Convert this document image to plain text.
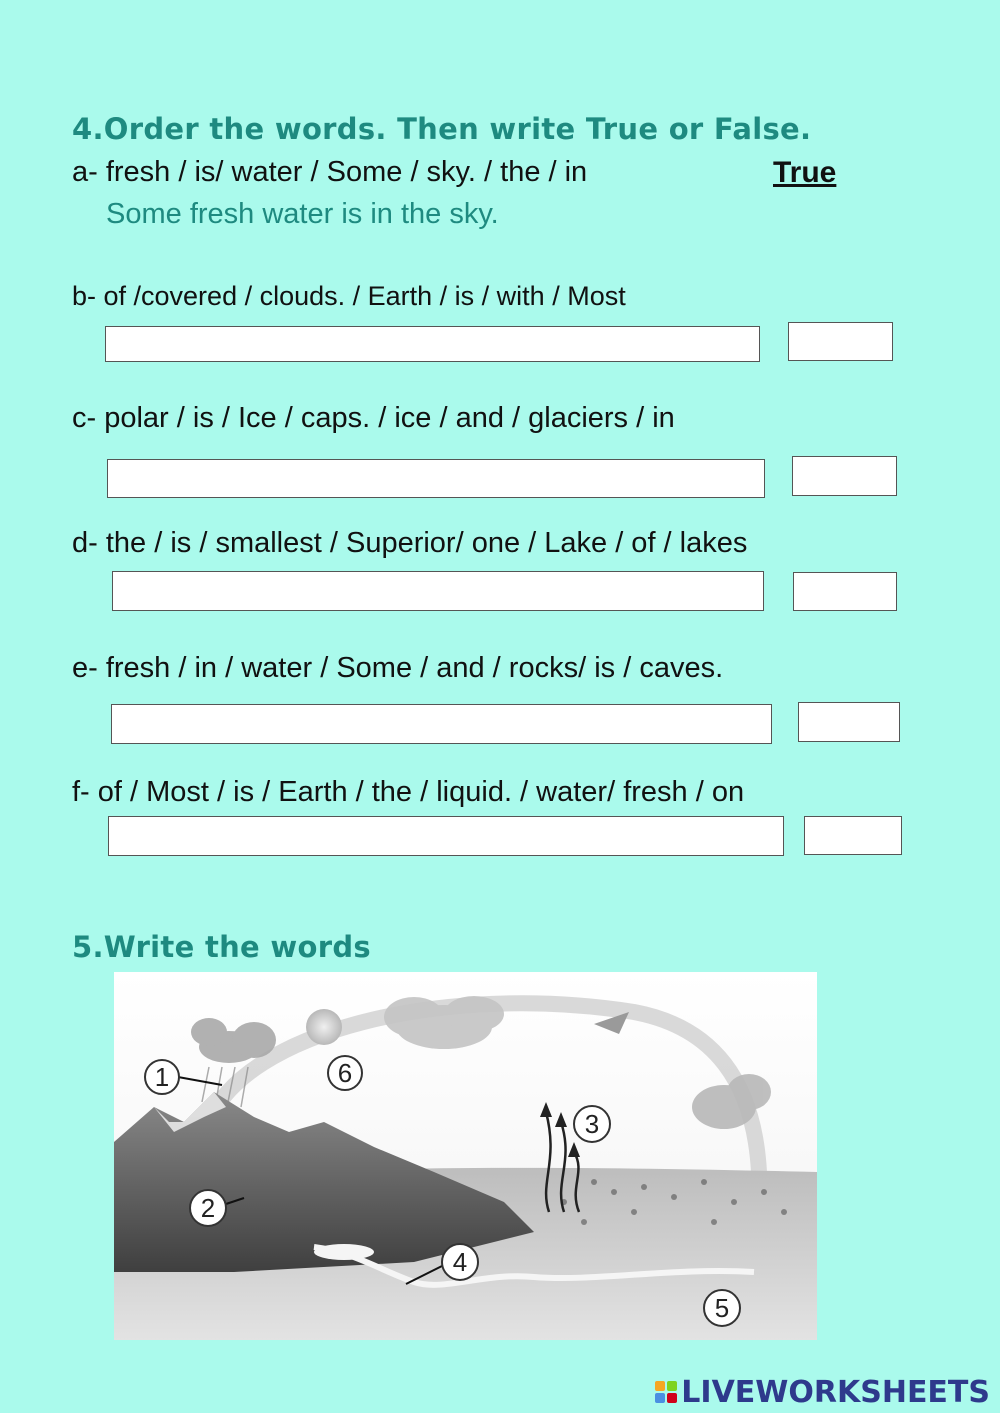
4.Order the words. Then write True or False.
a- fresh / is/ water / Some / sky. / the / in	True
Some fresh water is in the sky.
b- of /covered / clouds. / Earth / is / with / Most
c- polar / is / Ice / caps. / ice / and / glaciers / in
d- the / is / smallest / Superior/ one / Lake / of / lakes
e- fresh / in / water / Some / and / rocks/ is / caves.
f- of / Most / is / Earth / the / liquid. / water/ fresh / on
5.Write the words
1
2
3
4
5
6
LIVEWORKSHEETS
